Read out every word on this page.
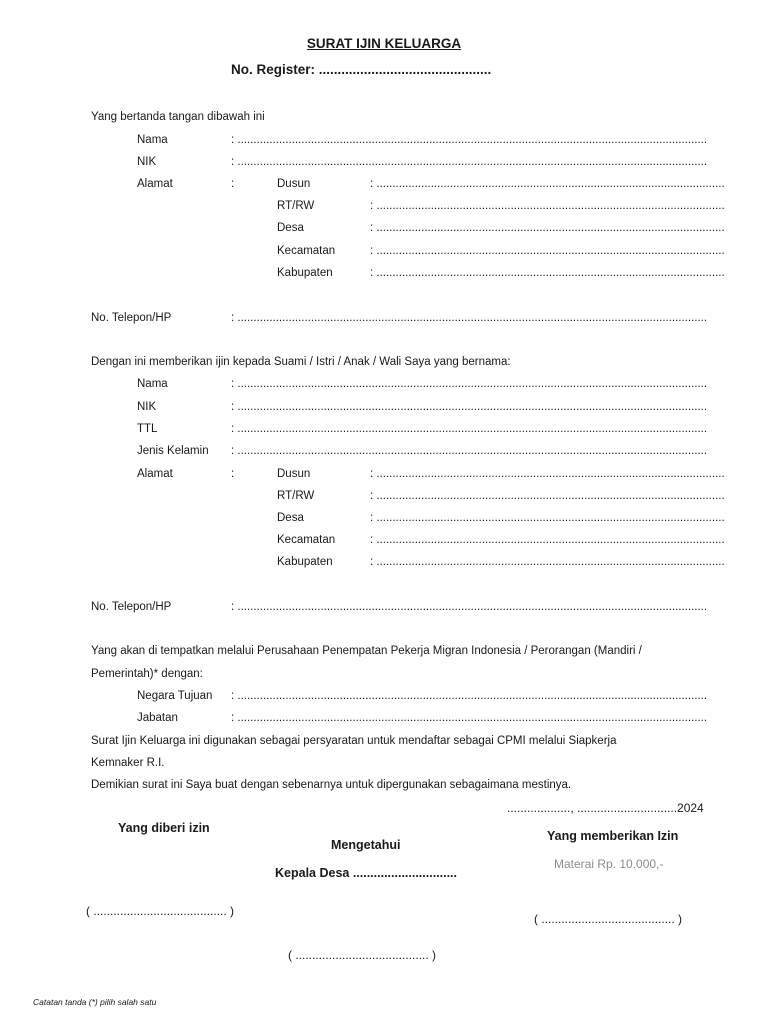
SURAT IJIN KELUARGA
No. Register: ..............................................
Yang bertanda tangan dibawah ini
Nama	: ...................................................................................................................................................
NIK	: ...................................................................................................................................................
Alamat	:	Dusun	: .............................................................................................................
RT/RW	: .............................................................................................................
Desa	: .............................................................................................................
Kecamatan	: .............................................................................................................
Kabupaten	: .............................................................................................................
No. Telepon/HP	: ...................................................................................................................................................
Dengan ini memberikan ijin kepada Suami / Istri / Anak / Wali Saya yang bernama:
Nama	: ...................................................................................................................................................
NIK	: ...................................................................................................................................................
TTL	: ...................................................................................................................................................
Jenis Kelamin : ...................................................................................................................................................
Alamat	:	Dusun	: .............................................................................................................
RT/RW	: .............................................................................................................
Desa	: .............................................................................................................
Kecamatan	: .............................................................................................................
Kabupaten	: .............................................................................................................
No. Telepon/HP	: ...................................................................................................................................................
Yang akan di tempatkan melalui Perusahaan Penempatan Pekerja Migran Indonesia / Perorangan (Mandiri /
Pemerintah)* dengan:
Negara Tujuan : ...................................................................................................................................................
Jabatan	: ...................................................................................................................................................
Surat Ijin Keluarga ini digunakan sebagai persyaratan untuk mendaftar sebagai CPMI melalui Siapkerja
Kemnaker R.I.
Demikian surat ini Saya buat dengan sebenarnya untuk dipergunakan sebagaimana mestinya.
..................., ..............................2024
Yang diberi izin
Yang memberikan Izin
Mengetahui
Materai Rp. 10.000,-
Kepala Desa ..............................
( ........................................ )
( ........................................ )
( ........................................ )
Catatan tanda (*) pilih salah satu
